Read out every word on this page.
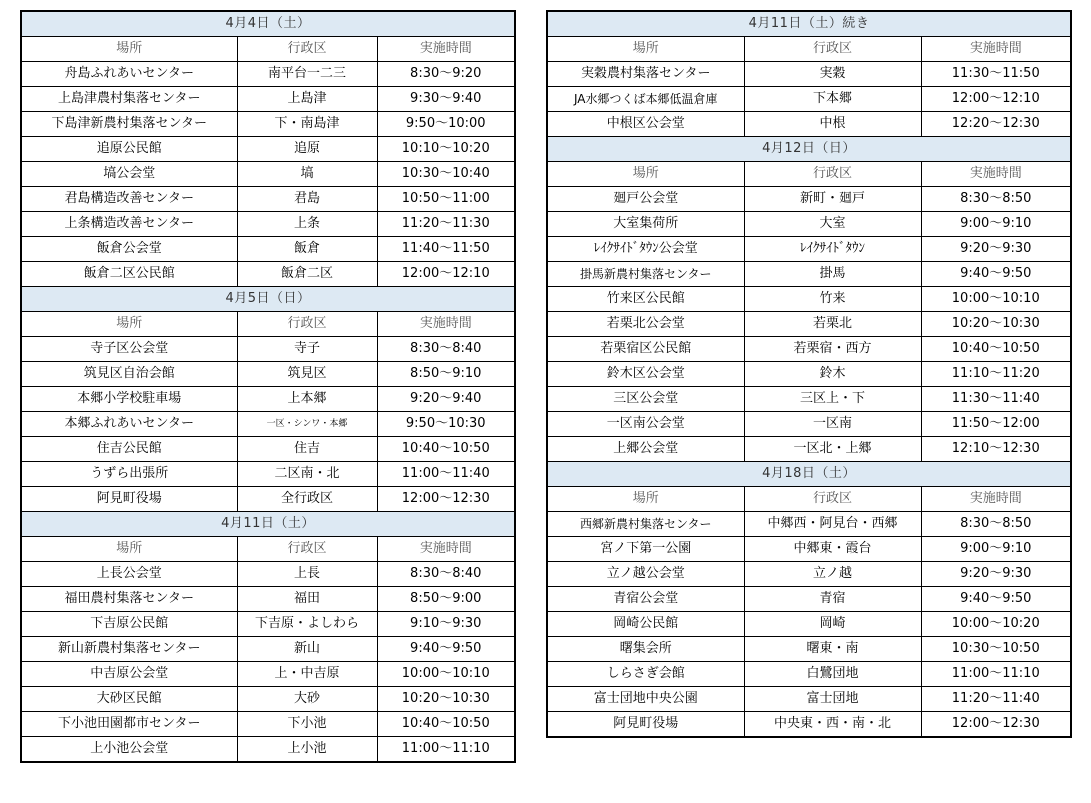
4月4日（土）		
場所	行政区	実施時間
舟島ふれあいセンター	南平台一二三	8:30～9:20
上島津農村集落センター	上島津	9:30～9:40
下島津新農村集落センター	下・南島津	9:50～10:00
追原公民館	追原	10:10～10:20
塙公会堂	塙	10:30～10:40
君島構造改善センター	君島	10:50～11:00
上条構造改善センター	上条	11:20～11:30
飯倉公会堂	飯倉	11:40～11:50
飯倉二区公民館	飯倉二区	12:00～12:10
4月5日（日）		
場所	行政区	実施時間
寺子区公会堂	寺子	8:30～8:40
筑見区自治会館	筑見区	8:50～9:10
本郷小学校駐車場	上本郷	9:20～9:40
本郷ふれあいセンター	一区・シンワ・本郷	9:50～10:30
住吉公民館	住吉	10:40～10:50
うずら出張所	二区南・北	11:00～11:40
阿見町役場	全行政区	12:00～12:30
4月11日（土）		
場所	行政区	実施時間
上長公会堂	上長	8:30～8:40
福田農村集落センター	福田	8:50～9:00
下吉原公民館	下吉原・よしわら	9:10～9:30
新山新農村集落センター	新山	9:40～9:50
中吉原公会堂	上・中吉原	10:00～10:10
大砂区民館	大砂	10:20～10:30
下小池田園都市センター	下小池	10:40～10:50
上小池公会堂	上小池	11:00～11:10
4月11日（土）続き		
場所	行政区	実施時間
実穀農村集落センター	実穀	11:30～11:50
JA水郷つくば本郷低温倉庫	下本郷	12:00～12:10
中根区公会堂	中根	12:20～12:30
4月12日（日）		
場所	行政区	実施時間
廻戸公会堂	新町・廻戸	8:30～8:50
大室集荷所	大室	9:00～9:10
ﾚｲｸｻｲﾄﾞﾀｳﾝ公会堂	ﾚｲｸｻｲﾄﾞﾀｳﾝ	9:20～9:30
掛馬新農村集落センター	掛馬	9:40～9:50
竹来区公民館	竹来	10:00～10:10
若栗北公会堂	若栗北	10:20～10:30
若栗宿区公民館	若栗宿・西方	10:40～10:50
鈴木区公会堂	鈴木	11:10～11:20
三区公会堂	三区上・下	11:30～11:40
一区南公会堂	一区南	11:50～12:00
上郷公会堂	一区北・上郷	12:10～12:30
4月18日（土）		
場所	行政区	実施時間
西郷新農村集落センター	中郷西・阿見台・西郷	8:30～8:50
宮ノ下第一公園	中郷東・霞台	9:00～9:10
立ノ越公会堂	立ノ越	9:20～9:30
青宿公会堂	青宿	9:40～9:50
岡崎公民館	岡崎	10:00～10:20
曙集会所	曙東・南	10:30～10:50
しらさぎ会館	白鷺団地	11:00～11:10
富士団地中央公園	富士団地	11:20～11:40
阿見町役場	中央東・西・南・北	12:00～12:30
